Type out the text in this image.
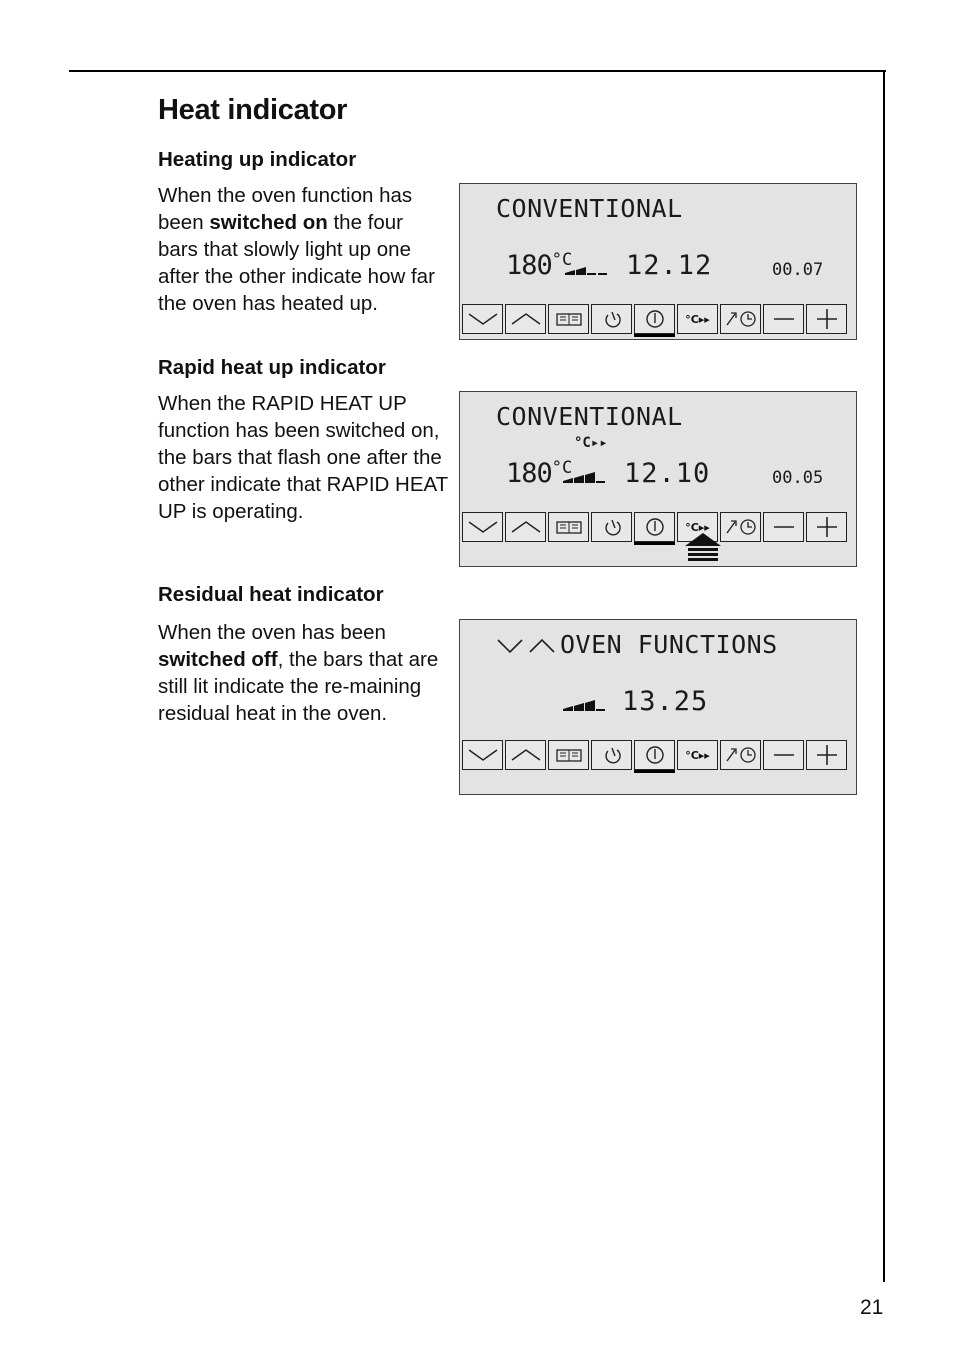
Heat indicator
Heating up indicator

When the oven function has been switched on the four bars that slowly light up one after the other indicate how far the oven has heated up.

Rapid heat up indicator

When the RAPID HEAT UP function has been switched on, the bars that flash one after the other indicate that RAPID HEAT UP is operating.

Residual heat indicator

When the oven has been switched off, the bars that are still lit indicate the re-maining residual heat in the oven.

CONVENTIONAL
$180^{^\circ C}$ 12.12	00.07
°C▸▸
CONVENTIONAL
°C▸▸
$180^{^\circ C}$ 12.10	00.05
°C▸▸
OVEN FUNCTIONS
13.25
°C▸▸
21
